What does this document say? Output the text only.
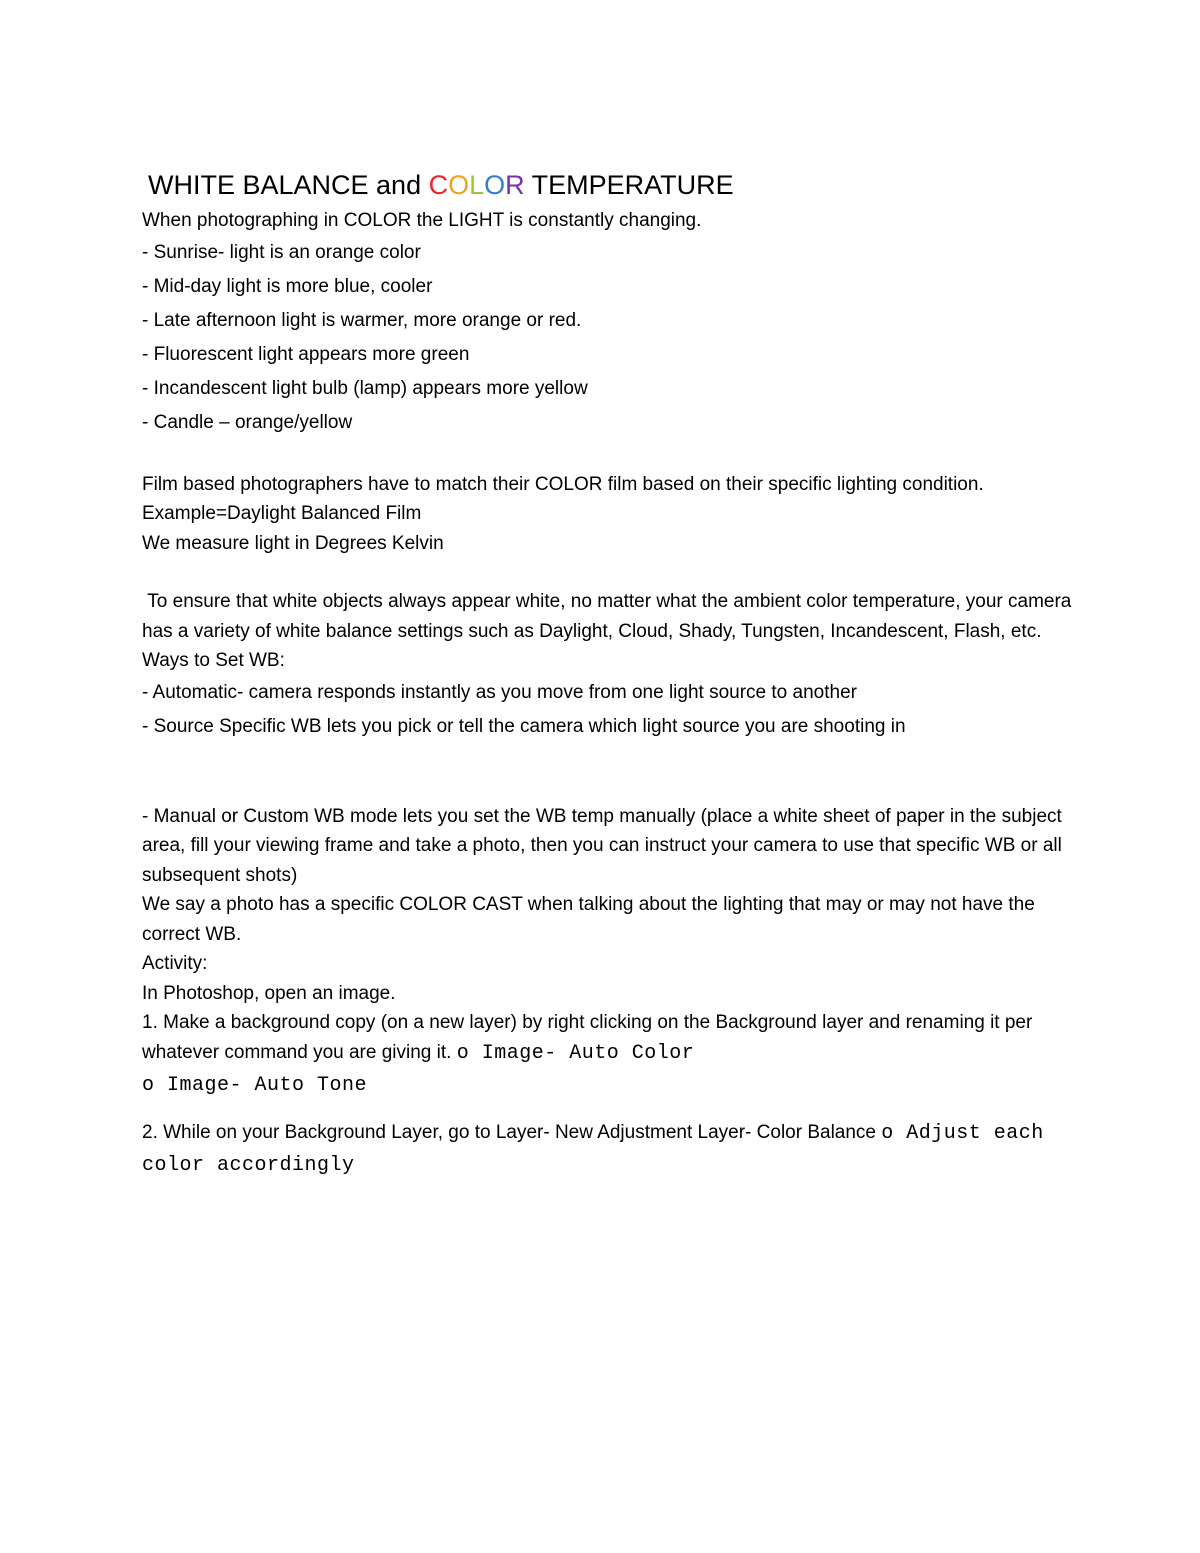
WHITE BALANCE and COLOR TEMPERATURE
When photographing in COLOR the LIGHT is constantly changing.
- Sunrise- light is an orange color
- Mid-day light is more blue, cooler
- Late afternoon light is warmer, more orange or red.
- Fluorescent light appears more green
- Incandescent light bulb (lamp) appears more yellow
- Candle – orange/yellow
Film based photographers have to match their COLOR film based on their specific lighting condition.
Example=Daylight Balanced Film
We measure light in Degrees Kelvin
To ensure that white objects always appear white, no matter what the ambient color temperature, your camera has a variety of white balance settings such as Daylight, Cloud, Shady, Tungsten, Incandescent, Flash, etc.
Ways to Set WB:
- Automatic- camera responds instantly as you move from one light source to another
- Source Specific WB lets you pick or tell the camera which light source you are shooting in
- Manual or Custom WB mode lets you set the WB temp manually (place a white sheet of paper in the subject area, fill your viewing frame and take a photo, then you can instruct your camera to use that specific WB or all subsequent shots)
We say a photo has a specific COLOR CAST when talking about the lighting that may or may not have the correct WB.
Activity:
In Photoshop, open an image.
1. Make a background copy (on a new layer) by right clicking on the Background layer and renaming it per whatever command you are giving it. o Image- Auto Color
o Image- Auto Tone
2. While on your Background Layer, go to Layer- New Adjustment Layer- Color Balance o Adjust each color accordingly
